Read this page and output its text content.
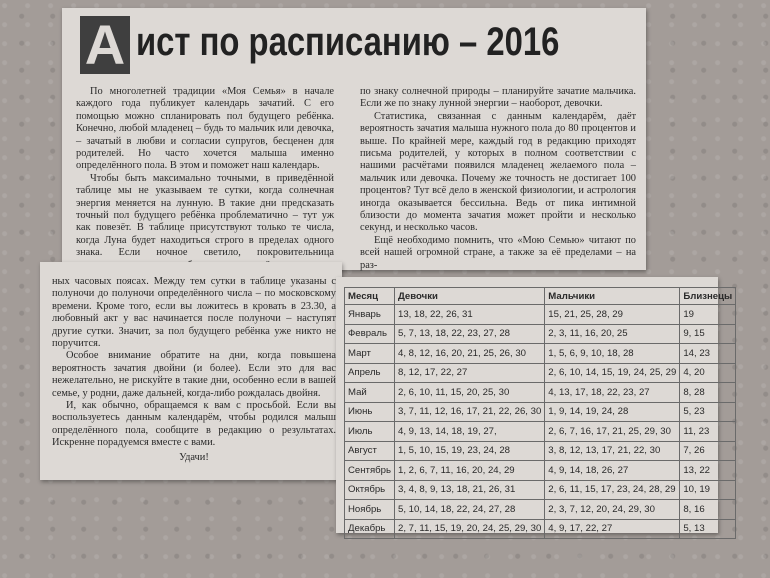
А ист по расписанию – 2016

По многолетней традиции «Моя Семья» в начале каждого года публикует календарь зачатий. С его помощью можно спланировать пол будущего ребёнка. Конечно, любой младенец – будь то мальчик или девочка, – зачатый в любви и согласии супругов, бесценен для родителей. Но часто хочется малыша именно определённого пола. В этом и поможет наш календарь.

Чтобы быть максимально точными, в приведённой таблице мы не указываем те сутки, когда солнечная энергия меняется на лунную. В такие дни предсказать точный пол будущего ребёнка проблематично – тут уж как повезёт. В таблице присутствуют только те числа, когда Луна будет находиться строго в пределах одного знака. Если ночное светило, покровительница

по знаку солнечной природы – планируйте зачатие мальчика. Если же по знаку лунной энергии – наоборот, девочки.

Статистика, связанная с данным календарём, даёт вероятность зачатия малыша нужного пола до 80 процентов и выше. По крайней мере, каждый год в редакцию приходят письма родителей, у которых в полном соответствии с нашими расчётами появился младенец желаемого пола – мальчик или девочка. Почему же точность не достигает 100 процентов? Тут всё дело в женской физиологии, и астрология иногда оказывается бессильна. Ведь от пика интимной близости до момента зачатия может пройти и несколько секунд, и несколько часов.

Ещё необходимо помнить, что «Мою Семью» читают по всей нашей огромной стране, а также за её пределами – на раз-

ных часовых поясах. Между тем сутки в таблице указаны с полуночи до полуночи определённого числа – по московскому времени. Кроме того, если вы ложитесь в кровать в 23.30, а любовный акт у вас начинается после полуночи – наступят другие сутки. Значит, за пол будущего ребёнка уже никто не поручится.

Особое внимание обратите на дни, когда повышена вероятность зачатия двойни (и более). Если это для вас нежелательно, не рискуйте в такие дни, особенно если в вашей семье, у родни, даже дальней, когда-либо рождалась двойня.

И, как обычно, обращаемся к вам с просьбой. Если вы воспользуетесь данным календарём, чтобы родился малыш определённого пола, сообщите в редакцию о результатах. Искренне порадуемся вместе с вами.

Удачи!

Месяц	Девочки	Мальчики	Близнецы
Январь	13, 18, 22, 26, 31	15, 21, 25, 28, 29	19
Февраль	5, 7, 13, 18, 22, 23, 27, 28	2, 3, 11, 16, 20, 25	9, 15
Март	4, 8, 12, 16, 20, 21, 25, 26, 30	1, 5, 6, 9, 10, 18, 28	14, 23
Апрель	8, 12, 17, 22, 27	2, 6, 10, 14, 15, 19, 24, 25, 29	4, 20
Май	2, 6, 10, 11, 15, 20, 25, 30	4, 13, 17, 18, 22, 23, 27	8, 28
Июнь	3, 7, 11, 12, 16, 17, 21, 22, 26, 30	1, 9, 14, 19, 24, 28	5, 23
Июль	4, 9, 13, 14, 18, 19, 27,	2, 6, 7, 16, 17, 21, 25, 29, 30	11, 23
Август	1, 5, 10, 15, 19, 23, 24, 28	3, 8, 12, 13, 17, 21, 22, 30	7, 26
Сентябрь	1, 2, 6, 7, 11, 16, 20, 24, 29	4, 9, 14, 18, 26, 27	13, 22
Октябрь	3, 4, 8, 9, 13, 18, 21, 26, 31	2, 6, 11, 15, 17, 23, 24, 28, 29	10, 19
Ноябрь	5, 10, 14, 18, 22, 24, 27, 28	2, 3, 7, 12, 20, 24, 29, 30	8, 16
Декабрь	2, 7, 11, 15, 19, 20, 24, 25, 29, 30	4, 9, 17, 22, 27	5, 13
